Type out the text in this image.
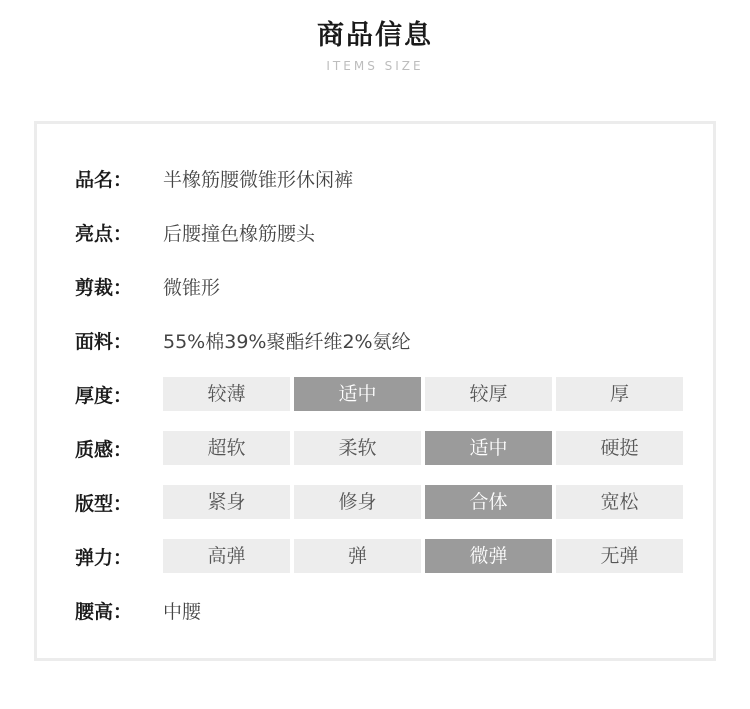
商品信息
ITEMS SIZE
品名：	半橡筋腰微锥形休闲裤
亮点：	后腰撞色橡筋腰头
剪裁：	微锥形
面料：	55%棉39%聚酯纤维2%氨纶
厚度：	较薄	适中	较厚	厚
质感：	超软	柔软	适中	硬挺
版型：	紧身	修身	合体	宽松
弹力：	高弹	弹	微弹	无弹
腰高：	中腰
